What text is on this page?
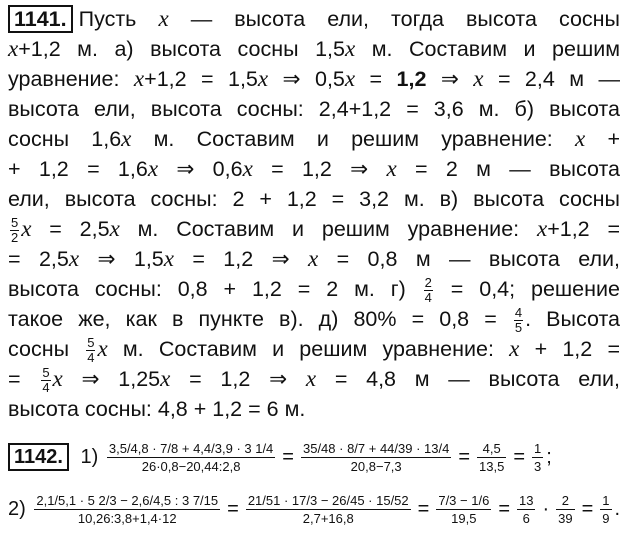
1141. Пусть x — высота ели, тогда высота сосны
x+1,2 м. а) высота сосны 1,5x м. Составим и решим
уравнение: x+1,2 = 1,5x ⇒ 0,5x = 1,2 ⇒ x = 2,4 м —
высота ели, высота сосны: 2,4+1,2 = 3,6 м. б) высота
сосны 1,6x м. Составим и решим уравнение: x +
+ 1,2 = 1,6x ⇒ 0,6x = 1,2 ⇒ x = 2 м — высота
ели, высота сосны: 2 + 1,2 = 3,2 м. в) высота сосны
$\frac{5}{2}$ x = 2,5x м. Составим и решим уравнение: x+1,2 =
= 2,5x ⇒ 1,5x = 1,2 ⇒ x = 0,8 м — высота ели,
высота сосны: 0,8 + 1,2 = 2 м. $г) \frac{2}{4} = 0,4$; решение
такое же, как в пункте в). д) $80\% = 0,8 = \frac{4}{5}$ . Высота
сосны $\frac{5}{4}$ x м. Составим и решим уравнение: x + 1,2 =
= $\frac{5}{4}$ x ⇒ 1,25x = 1,2 ⇒ x = 4,8 м — высота ели,
высота сосны: 4,8 + 1,2 = 6 м.
1142. $1) \frac{3,5/4,8 \cdot 7/8 + 4,4/3,9 \cdot 3 1/4}{26\cdot 0,8-20,44:2,8} = \frac{35/48 \cdot 8/7 + 44/39 \cdot 13/4}{20,8-7,3} = \frac{4,5}{13,5} = \frac{1}{3}$ ;
$2) \frac{2,1/5,1 \cdot 5 2/3 - 2,6/4,5 : 3 7/15}{10,26:3,8+1,4\cdot 12} = \frac{21/51 \cdot 17/3 - 26/45 \cdot 15/52}{2,7+16,8} = \frac{7/3 - 1/6}{19,5} = \frac{13}{6} \cdot \frac{2}{39} = \frac{1}{9}$ .
